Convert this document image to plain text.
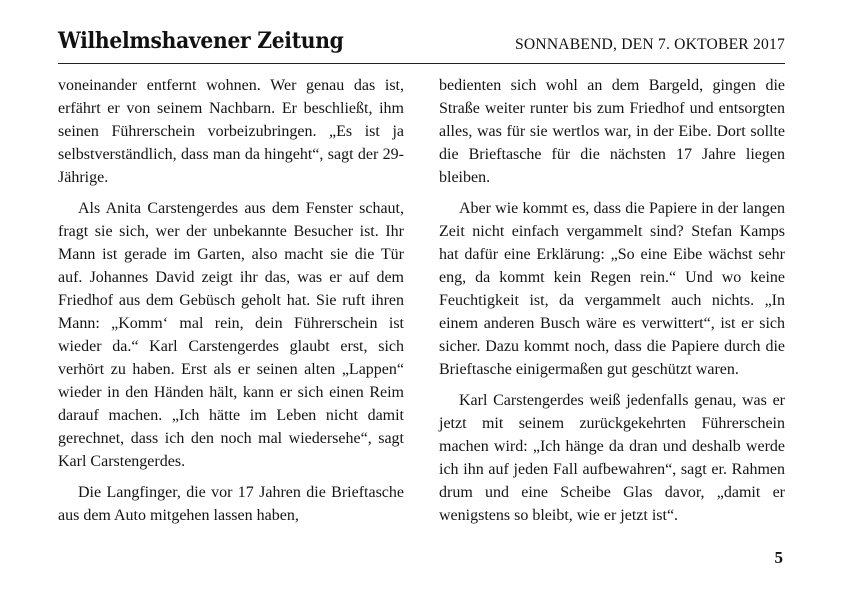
Wilhelmshavener Zeitung	SONNABEND, DEN 7. OKTOBER 2017

voneinander entfernt wohnen. Wer genau das ist, erfährt er von seinem Nachbarn. Er beschließt, ihm seinen Führerschein vorbeizubringen. „Es ist ja selbstverständlich, dass man da hingeht“, sagt der 29-Jährige.

Als Anita Carstengerdes aus dem Fenster schaut, fragt sie sich, wer der unbekannte Besucher ist. Ihr Mann ist gerade im Garten, also macht sie die Tür auf. Johannes David zeigt ihr das, was er auf dem Friedhof aus dem Gebüsch geholt hat. Sie ruft ihren Mann: „Komm‘ mal rein, dein Führerschein ist wieder da.“ Karl Carstengerdes glaubt erst, sich verhört zu haben. Erst als er seinen alten „Lappen“ wieder in den Händen hält, kann er sich einen Reim darauf machen. „Ich hätte im Leben nicht damit gerechnet, dass ich den noch mal wiedersehe“, sagt Karl Carstengerdes.

Die Langfinger, die vor 17 Jahren die Brieftasche aus dem Auto mitgehen lassen haben,

bedienten sich wohl an dem Bargeld, gingen die Straße weiter runter bis zum Friedhof und entsorgten alles, was für sie wertlos war, in der Eibe. Dort sollte die Brieftasche für die nächsten 17 Jahre liegen bleiben.

Aber wie kommt es, dass die Papiere in der langen Zeit nicht einfach vergammelt sind? Stefan Kamps hat dafür eine Erklärung: „So eine Eibe wächst sehr eng, da kommt kein Regen rein.“ Und wo keine Feuchtigkeit ist, da vergammelt auch nichts. „In einem anderen Busch wäre es verwittert“, ist er sich sicher. Dazu kommt noch, dass die Papiere durch die Brieftasche einigermaßen gut geschützt waren.

Karl Carstengerdes weiß jedenfalls genau, was er jetzt mit seinem zurückgekehrten Führerschein machen wird: „Ich hänge da dran und deshalb werde ich ihn auf jeden Fall aufbewahren“, sagt er. Rahmen drum und eine Scheibe Glas davor, „damit er wenigstens so bleibt, wie er jetzt ist“.

5
